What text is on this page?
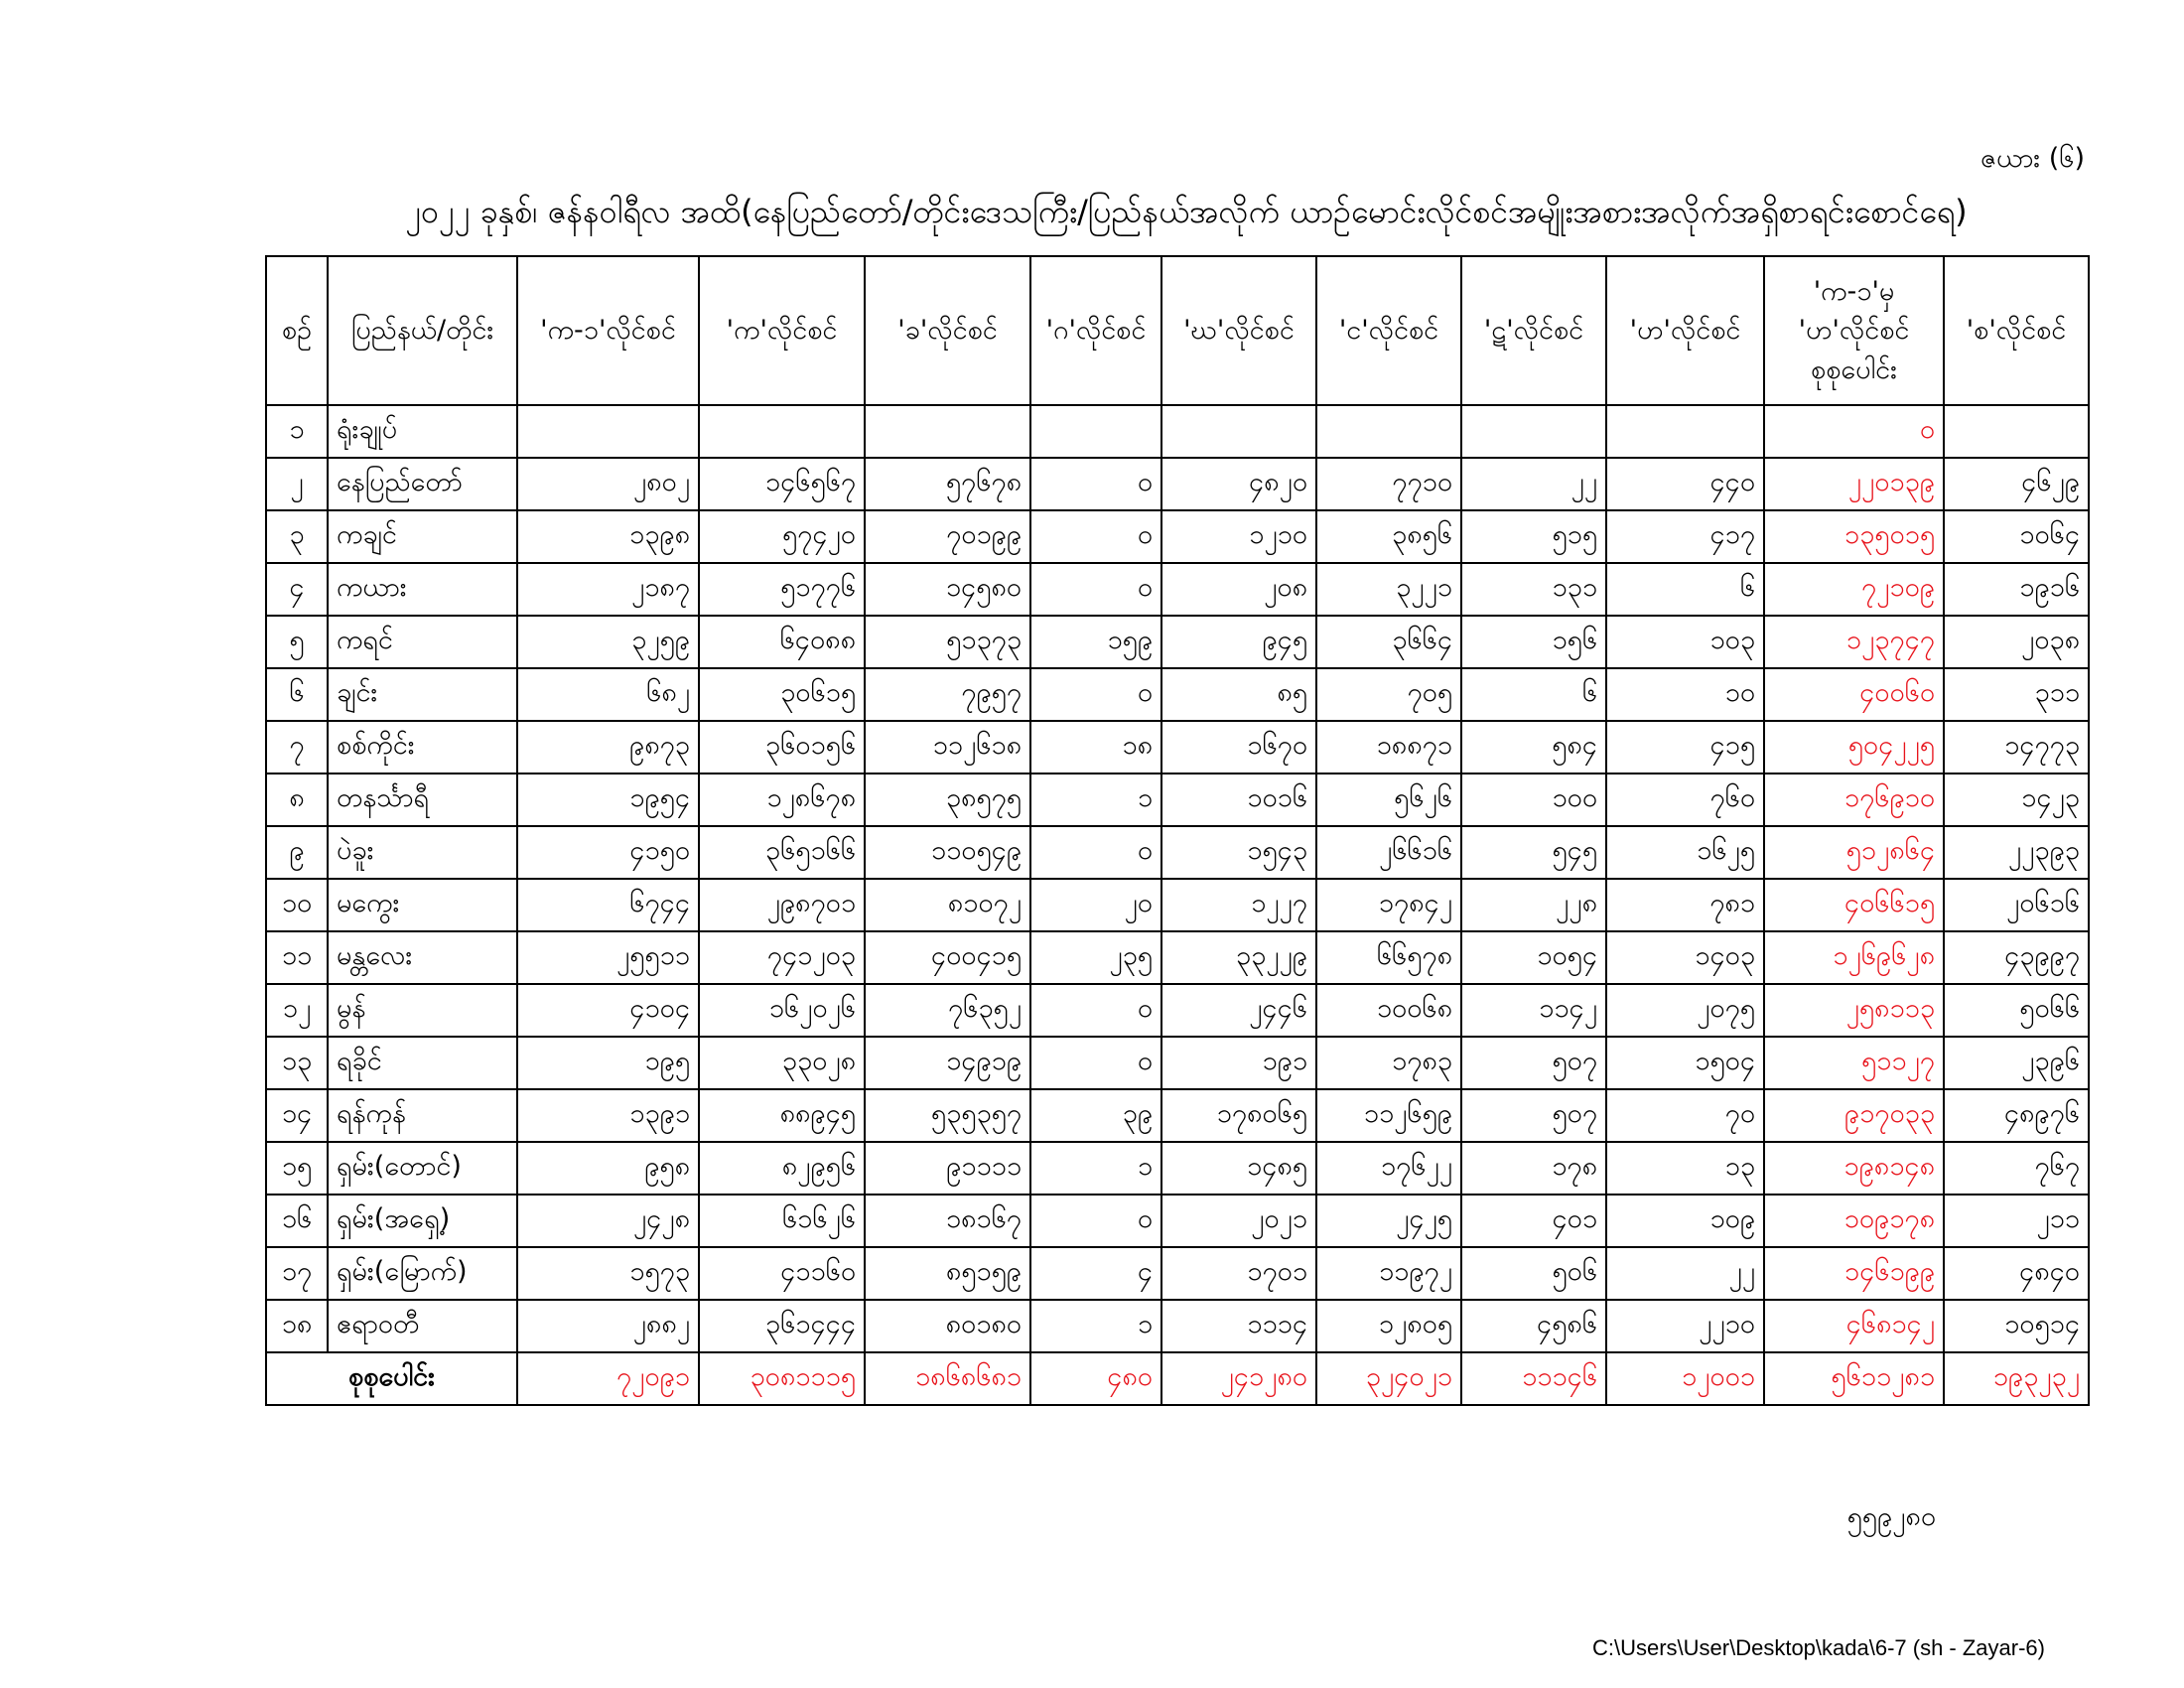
ဇယား (၆)
၂၀၂၂ ခုနှစ်၊ ဇန်နဝါရီလ အထိ(နေပြည်တော်/တိုင်းဒေသကြီး/ပြည်နယ်အလိုက် ယာဉ်မောင်းလိုင်စင်အမျိုးအစားအလိုက်အရှိစာရင်းစောင်ရေ)
စဉ်	ပြည်နယ်/တိုင်း	'က-၁'လိုင်စင်	'က'လိုင်စင်	'ခ'လိုင်စင်	'ဂ'လိုင်စင်	'ဃ'လိုင်စင်	'င'လိုင်စင်	'ဋ'လိုင်စင်	'ဟ'လိုင်စင်	'က-၁'မှ 'ဟ'လိုင်စင် စုစုပေါင်း	'စ'လိုင်စင်
၁	ရုံးချုပ်									၀	
၂	နေပြည်တော်	၂၈၀၂	၁၄၆၅၆၇	၅၇၆၇၈	၀	၄၈၂၀	၇၇၁၀	၂၂	၄၄၀	၂၂၀၁၃၉	၄၆၂၉
၃	ကချင်	၁၃၉၈	၅၇၄၂၀	၇၀၁၉၉	၀	၁၂၁၀	၃၈၅၆	၅၁၅	၄၁၇	၁၃၅၀၁၅	၁၀၆၄
၄	ကယား	၂၁၈၇	၅၁၇၇၆	၁၄၅၈၀	၀	၂၀၈	၃၂၂၁	၁၃၁	၆	၇၂၁၀၉	၁၉၁၆
၅	ကရင်	၃၂၅၉	၆၄၀၈၈	၅၁၃၇၃	၁၅၉	၉၄၅	၃၆၆၄	၁၅၆	၁၀၃	၁၂၃၇၄၇	၂၀၃၈
၆	ချင်း	၆၈၂	၃၀၆၁၅	၇၉၅၇	၀	၈၅	၇၀၅	၆	၁၀	၄၀၀၆၀	၃၁၁
၇	စစ်ကိုင်း	၉၈၇၃	၃၆၀၁၅၆	၁၁၂၆၁၈	၁၈	၁၆၇၀	၁၈၈၇၁	၅၈၄	၄၁၅	၅၀၄၂၂၅	၁၄၇၇၃
၈	တနင်္သာရီ	၁၉၅၄	၁၂၈၆၇၈	၃၈၅၇၅	၁	၁၀၁၆	၅၆၂၆	၁၀၀	၇၆၀	၁၇၆၉၁၀	၁၄၂၃
၉	ပဲခူး	၄၁၅၀	၃၆၅၁၆၆	၁၁၀၅၄၉	၀	၁၅၄၃	၂၆၆၁၆	၅၄၅	၁၆၂၅	၅၁၂၈၆၄	၂၂၃၉၃
၁၀	မကွေး	၆၇၄၄	၂၉၈၇၀၁	၈၁၀၇၂	၂၀	၁၂၂၇	၁၇၈၄၂	၂၂၈	၇၈၁	၄၀၆၆၁၅	၂၀၆၁၆
၁၁	မန္တလေး	၂၅၅၁၁	၇၄၁၂၀၃	၄၀၀၄၁၅	၂၃၅	၃၃၂၂၉	၆၆၅၇၈	၁၀၅၄	၁၄၀၃	၁၂၆၉၆၂၈	၄၃၉၉၇
၁၂	မွန်	၄၁၀၄	၁၆၂၀၂၆	၇၆၃၅၂	၀	၂၄၄၆	၁၀၀၆၈	၁၁၄၂	၂၀၇၅	၂၅၈၁၁၃	၅၀၆၆
၁၃	ရခိုင်	၁၉၅	၃၃၀၂၈	၁၄၉၁၉	၀	၁၉၁	၁၇၈၃	၅၀၇	၁၅၀၄	၅၁၁၂၇	၂၃၉၆
၁၄	ရန်ကုန်	၁၃၉၁	၈၈၉၄၅	၅၃၅၃၅၇	၃၉	၁၇၈၀၆၅	၁၁၂၆၅၉	၅၀၇	၇၀	၉၁၇၀၃၃	၄၈၉၇၆
၁၅	ရှမ်း(တောင်)	၉၅၈	၈၂၉၅၆	၉၁၁၁၁	၁	၁၄၈၅	၁၇၆၂၂	၁၇၈	၁၃	၁၉၈၁၄၈	၇၆၇
၁၆	ရှမ်း(အရှေ့)	၂၄၂၈	၆၁၆၂၆	၁၈၁၆၇	၀	၂၀၂၁	၂၄၂၅	၄၀၁	၁၀၉	၁၀၉၁၇၈	၂၁၁
၁၇	ရှမ်း(မြောက်)	၁၅၇၃	၄၁၁၆၀	၈၅၁၅၉	၄	၁၇၀၁	၁၁၉၇၂	၅၀၆	၂၂	၁၄၆၁၉၉	၄၈၄၀
၁၈	ဧရာဝတီ	၂၈၈၂	၃၆၁၄၄၄	၈၀၁၈၀	၁	၁၁၁၄	၁၂၈၀၅	၄၅၈၆	၂၂၁၀	၄၆၈၁၄၂	၁၀၅၁၄
စုစုပေါင်း		၇၂၀၉၁	၃၀၈၁၁၁၅	၁၈၆၈၆၈၁	၄၈၀	၂၄၁၂၈၀	၃၂၄၀၂၁	၁၁၁၄၆	၁၂၀၀၁	၅၆၁၁၂၈၁	၁၉၃၂၃၂
၅၅၉၂၈၀
C:\Users\User\Desktop\kada\6-7 (sh - Zayar-6)
